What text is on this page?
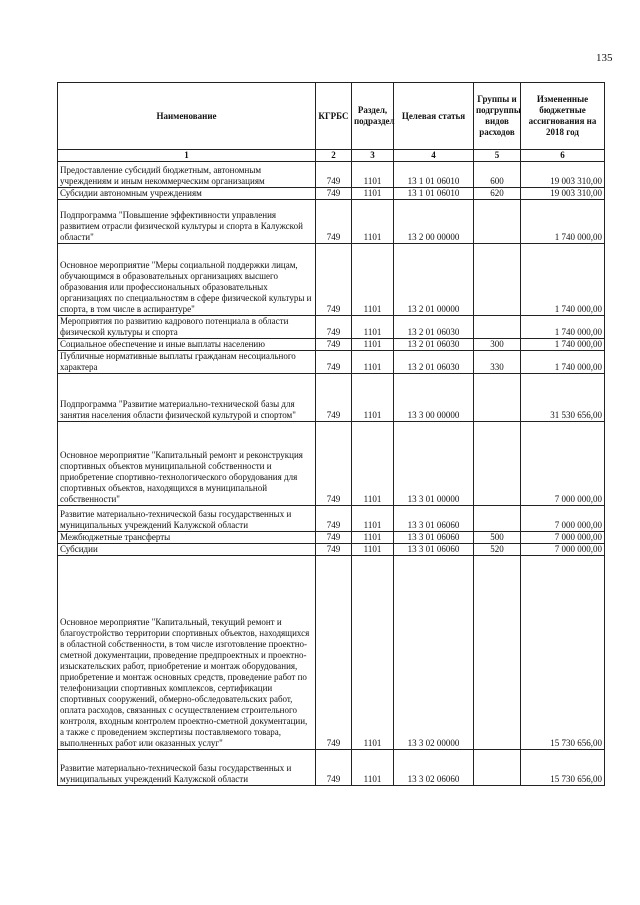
135
Наименование	КГРБС	Раздел, подраздел	Целевая статья	Группы и подгруппы видов расходов	Измененные бюджетные ассигнования на 2018 год
1	2	3	4	5	6
Предоставление субсидий бюджетным, автономным учреждениям и иным некоммерческим организациям	749	1101	13 1 01 06010	600	19 003 310,00
Субсидии автономным учреждениям	749	1101	13 1 01 06010	620	19 003 310,00
Подпрограмма "Повышение эффективности управления развитием отрасли физической культуры и спорта в Калужской области"	749	1101	13 2 00 00000		1 740 000,00
Основное мероприятие "Меры социальной поддержки лицам, обучающимся в образовательных организациях высшего образования или профессиональных образовательных организациях по специальностям в сфере физической культуры и спорта, в том числе в аспирантуре"	749	1101	13 2 01 00000		1 740 000,00
Мероприятия по развитию кадрового потенциала в области физической культуры и спорта	749	1101	13 2 01 06030		1 740 000,00
Социальное обеспечение и иные выплаты населению	749	1101	13 2 01 06030	300	1 740 000,00
Публичные нормативные выплаты гражданам несоциального характера	749	1101	13 2 01 06030	330	1 740 000,00
Подпрограмма "Развитие материально-технической базы для занятия населения области физической культурой и спортом"	749	1101	13 3 00 00000		31 530 656,00
Основное мероприятие "Капитальный ремонт и реконструкция спортивных объектов муниципальной собственности и приобретение спортивно-технологического оборудования для спортивных объектов, находящихся в муниципальной собственности"	749	1101	13 3 01 00000		7 000 000,00
Развитие материально-технической базы государственных и муниципальных учреждений Калужской области	749	1101	13 3 01 06060		7 000 000,00
Межбюджетные трансферты	749	1101	13 3 01 06060	500	7 000 000,00
Субсидии	749	1101	13 3 01 06060	520	7 000 000,00
Основное мероприятие "Капитальный, текущий ремонт и благоустройство территории спортивных объектов, находящихся в областной собственности, в том числе изготовление проектно-сметной документации, проведение предпроектных и проектно-изыскательских работ, приобретение и монтаж оборудования, приобретение и монтаж основных средств, проведение работ по телефонизации спортивных комплексов, сертификации спортивных сооружений, обмерно-обследовательских работ, оплата расходов, связанных с осуществлением строительного контроля, входным контролем проектно-сметной документации, а также с проведением экспертизы поставляемого товара, выполненных работ или оказанных услуг"	749	1101	13 3 02 00000		15 730 656,00
Развитие материально-технической базы государственных и муниципальных учреждений Калужской области	749	1101	13 3 02 06060		15 730 656,00
